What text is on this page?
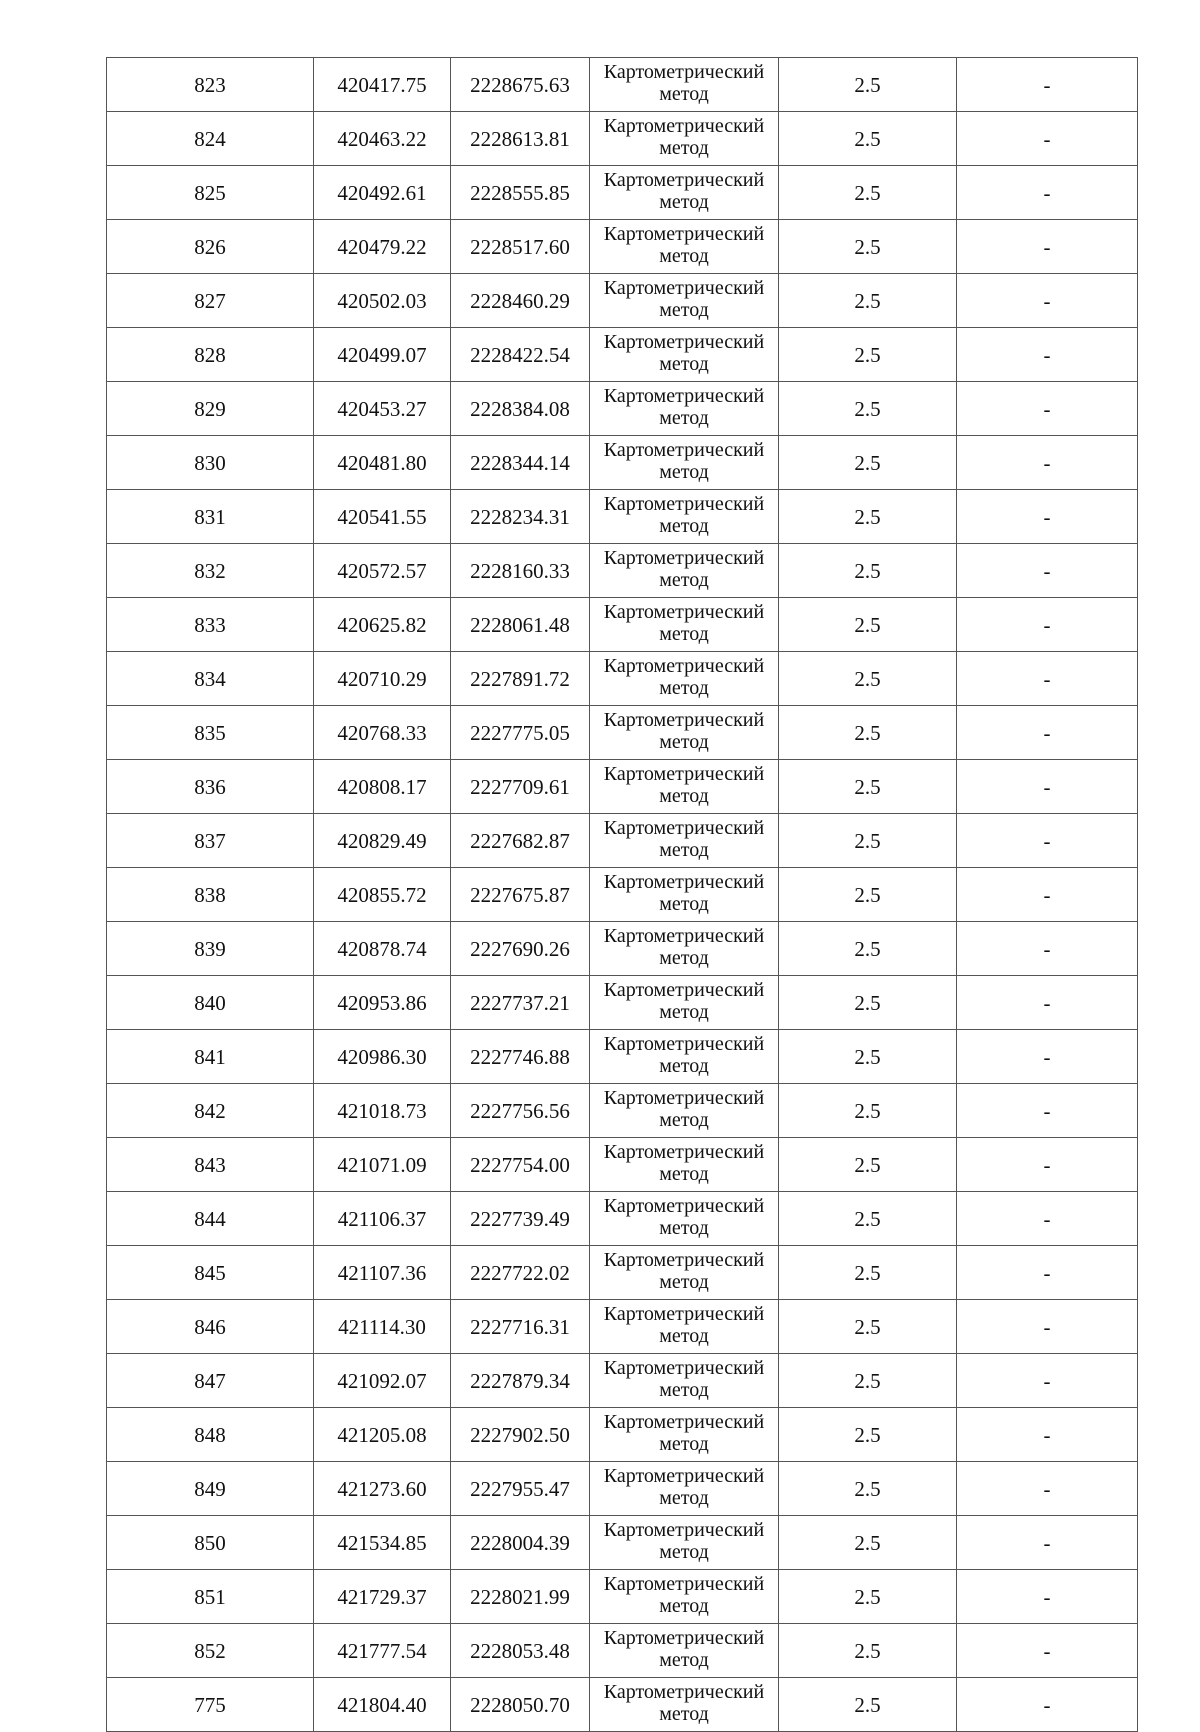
823	420417.75	2228675.63	Картометрический метод	2.5	-
824	420463.22	2228613.81	Картометрический метод	2.5	-
825	420492.61	2228555.85	Картометрический метод	2.5	-
826	420479.22	2228517.60	Картометрический метод	2.5	-
827	420502.03	2228460.29	Картометрический метод	2.5	-
828	420499.07	2228422.54	Картометрический метод	2.5	-
829	420453.27	2228384.08	Картометрический метод	2.5	-
830	420481.80	2228344.14	Картометрический метод	2.5	-
831	420541.55	2228234.31	Картометрический метод	2.5	-
832	420572.57	2228160.33	Картометрический метод	2.5	-
833	420625.82	2228061.48	Картометрический метод	2.5	-
834	420710.29	2227891.72	Картометрический метод	2.5	-
835	420768.33	2227775.05	Картометрический метод	2.5	-
836	420808.17	2227709.61	Картометрический метод	2.5	-
837	420829.49	2227682.87	Картометрический метод	2.5	-
838	420855.72	2227675.87	Картометрический метод	2.5	-
839	420878.74	2227690.26	Картометрический метод	2.5	-
840	420953.86	2227737.21	Картометрический метод	2.5	-
841	420986.30	2227746.88	Картометрический метод	2.5	-
842	421018.73	2227756.56	Картометрический метод	2.5	-
843	421071.09	2227754.00	Картометрический метод	2.5	-
844	421106.37	2227739.49	Картометрический метод	2.5	-
845	421107.36	2227722.02	Картометрический метод	2.5	-
846	421114.30	2227716.31	Картометрический метод	2.5	-
847	421092.07	2227879.34	Картометрический метод	2.5	-
848	421205.08	2227902.50	Картометрический метод	2.5	-
849	421273.60	2227955.47	Картометрический метод	2.5	-
850	421534.85	2228004.39	Картометрический метод	2.5	-
851	421729.37	2228021.99	Картометрический метод	2.5	-
852	421777.54	2228053.48	Картометрический метод	2.5	-
775	421804.40	2228050.70	Картометрический метод	2.5	-
